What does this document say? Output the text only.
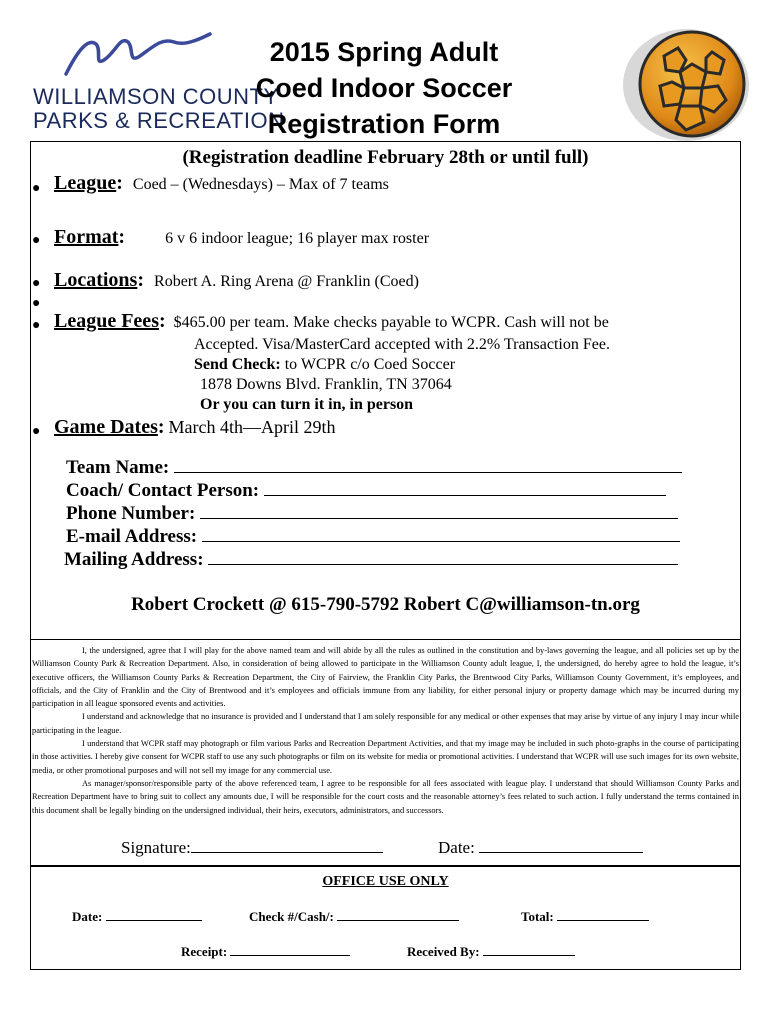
WILLIAMSON COUNTY
PARKS & RECREATION
2015 Spring Adult
Coed Indoor Soccer
Registration Form
(Registration deadline February 28th or until full)
● League: Coed – (Wednesdays) – Max of 7 teams
● Format:	6 v 6 indoor league; 16 player max roster
● Locations: Robert A. Ring Arena @ Franklin (Coed)
●
● League Fees: $465.00 per team. Make checks payable to WCPR. Cash will not be
Accepted. Visa/MasterCard accepted with 2.2% Transaction Fee.
Send Check: to WCPR c/o Coed Soccer
1878 Downs Blvd. Franklin, TN 37064
Or you can turn it in, in person
● Game Dates: March 4th—April 29th
Team Name:
Coach/ Contact Person:
Phone Number:
E-mail Address:
Mailing Address:
Robert Crockett @ 615-790-5792 Robert C@williamson-tn.org

I, the undersigned, agree that I will play for the above named team and will abide by all the rules as outlined in the constitution and by-laws governing the league, and all policies set up by the Williamson County Park & Recreation Department. Also, in consideration of being allowed to participate in the Williamson County adult league, I, the undersigned, do hereby agree to hold the league, it’s executive officers, the Williamson County Parks & Recreation Department, the City of Fairview, the Franklin City Parks, the Brentwood City Parks, Williamson County Government, it’s employees, and officials, and the City of Franklin and the City of Brentwood and it’s employees and officials immune from any liability, for either personal injury or property damage which may be incurred during my participation in all league sponsored events and activities.

I understand and acknowledge that no insurance is provided and I understand that I am solely responsible for any medical or other expenses that may arise by virtue of any injury I may incur while participating in the league.

I understand that WCPR staff may photograph or film various Parks and Recreation Department Activities, and that my image may be included in such photo-graphs in the course of participating in those activities. I hereby give consent for WCPR staff to use any such photographs or film on its website for media or promotional activities. I understand that WCPR will use such images for its own website, media, or other promotional purposes and will not sell my image for any commercial use.

As manager/sponsor/responsible party of the above referenced team, I agree to be responsible for all fees associated with league play. I understand that should Williamson County Parks and Recreation Department have to bring suit to collect any amounts due, I will be responsible for the court costs and the reasonable attorney’s fees related to such action. I fully understand the terms contained in this document shall be legally binding on the undersigned individual, their heirs, executors, administrators, and successors.

Signature:	Date:
OFFICE USE ONLY
Date:	Check #/Cash/:	Total:
Receipt:	Received By:
